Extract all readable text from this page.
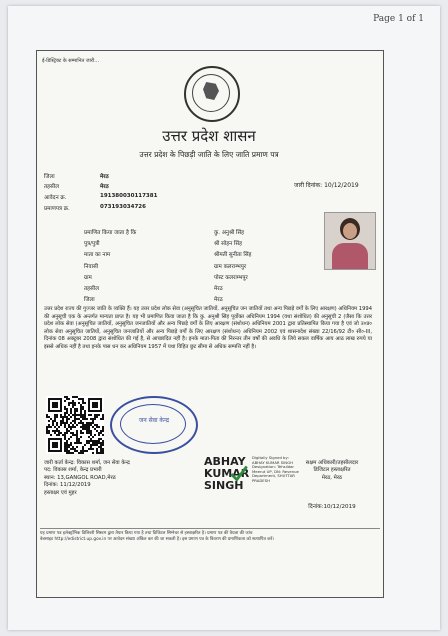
Page 1 of 1
ई-डिस्ट्रिक्ट के सम्मानित जारी...
उत्तर प्रदेश शासन
उत्तर प्रदेश के पिछड़ी जाति के लिए जाति प्रमाण पत्र
जिला	मेरठ
तहसील	मेरठ
आवेदन क्र.	191380030117381
प्रमाणपत्र क्र.	073193034726
जारी दिनांक: 10/12/2019
प्रमाणित किया जाता है कि	कु. अनुश्री सिंह
पुत्र/पुत्री	श्री सोहन सिंह
माता का नाम	श्रीमती सुनीता सिंह
निवासी	ग्राम कलराम्भपुर
ग्राम	पोस्ट कलराम्भपुर
तहसील	मेरठ
जिला	मेरठ
उत्तर प्रदेश राज्य की गुज्जर जाति के व्यक्ति हैं। यह उत्तर प्रदेश लोक सेवा (अनुसूचित जातियों, अनुसूचित जन जातियों तथा अन्य पिछड़े वर्गों के लिए आरक्षण) अधिनियम 1994 की अनुसूची एक के अन्तर्गत मान्यता प्राप्त है। यह भी प्रमाणित किया जाता है कि कु. अनुश्री सिंह पूर्वोक्त अधिनियम 1994 (यथा संशोधित) की अनुसूची 2 (जैसा कि उत्तर प्रदेश लोक सेवा (अनुसूचित जातियों, अनुसूचित जनजातियों और अन्य पिछड़े वर्गों के लिए आरक्षण (संशोधन) अधिनियम 2001 द्वारा प्रतिस्थापित किया गया है एवं जो उ०प्र० लोक सेवा अनुसूचित जातियों, अनुसूचित जनजातियों और अन्य पिछड़े वर्गों के लिए आरक्षण (संशोधन) अधिनियम 2002 एवं शासनादेश संख्या 22/16/92 टी० सी०-III, दिनांक 08 अक्टूबर 2008 द्वारा संशोधित की गई है, से आच्छादित नहीं है। इनके माता-पिता की निरन्तर तीन वर्षों की अवधि के लिये सकल वार्षिक आय आठ लाख रुपये या इससे अधिक नहीं है तथा इनके पास धन कर अधिनियम 1957 में यथा विहित छूट सीमा से अधिक सम्पत्ति नहीं है।
जन सेवा केन्द्र
जारी कर्ता केन्द्र: विकास शर्मा, जन सेवा केन्द्र
पद: विकास शर्मा, केन्द्र प्रभारी
स्थान: 13,GANGOL ROAD,मेरठ
दिनांक: 11/12/2019
हस्ताक्षर एवं मुहर
ABHAY
KUMAR
SINGH
Digitally Signed by: ABHAY KUMAR SINGH Designation: Tehsildar Meerut UP, DN: Revenue Department, SHUTTAR PRADESH
सक्षम अधिकारी/तहसीलदार
डिजिटल हस्ताक्षरित
मेरठ, मेरठ
दिनांक:10/12/2019
यह प्रमाण पत्र इलेक्ट्रॉनिक डिलिवरी सिस्टम द्वारा तैयार किया गया है तथा डिजिटल सिग्नेचर से हस्ताक्षरित है। प्रमाण पत्र की वैधता की जांच
वेबसाइट http://edistrict.up.gov.in पर आवेदन संख्या अंकित कर की जा सकती है। इस प्रमाण पत्र के विवरण की प्रमाणिकता को सत्यापित करें।
